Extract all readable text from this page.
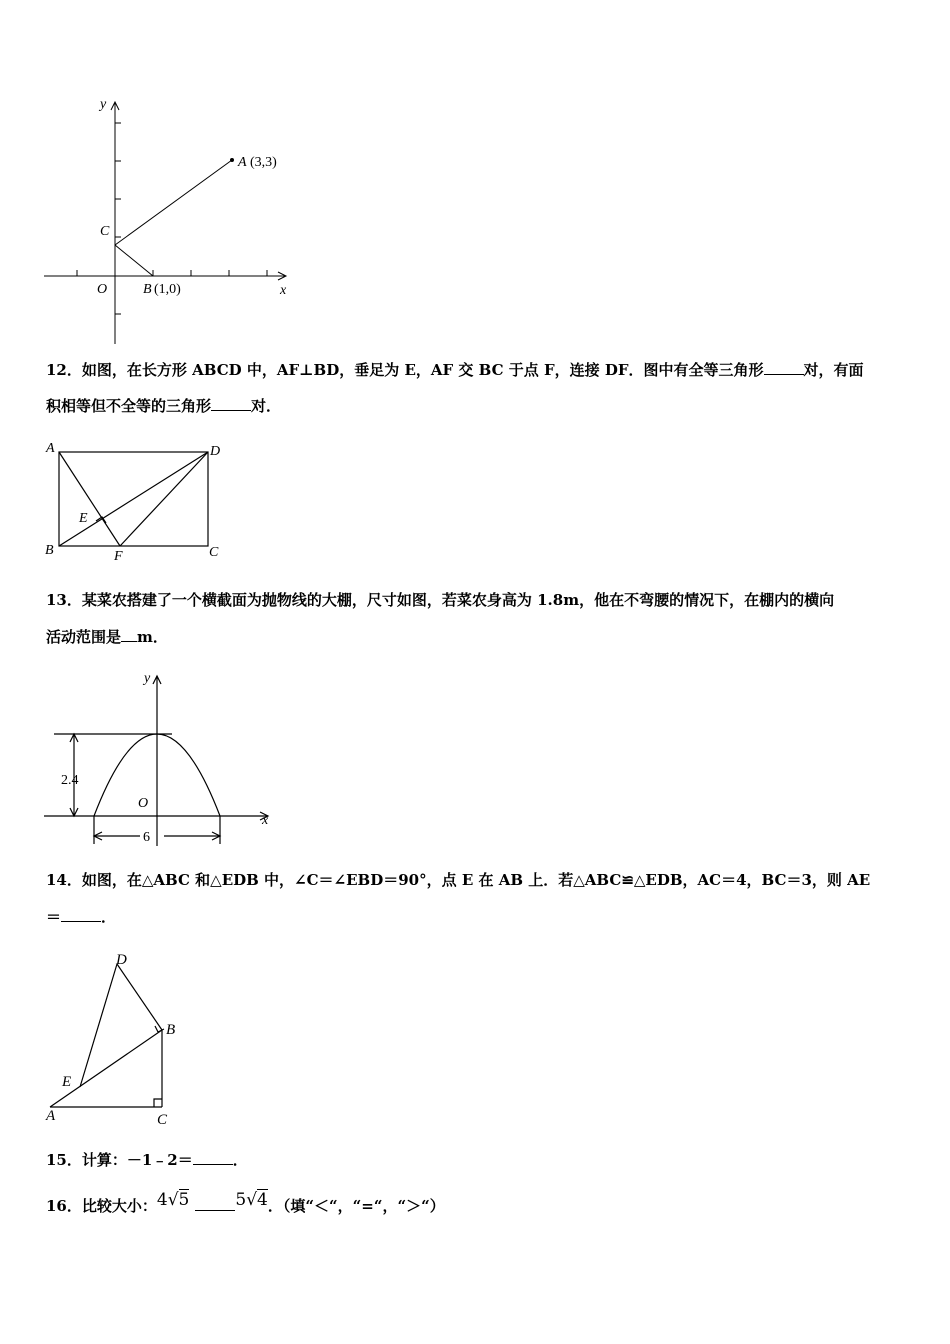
y
x
C
O	B (1,0)
A (3,3)
12．如图，在长方形 ABCD 中，AF⊥BD，垂足为 E，AF 交 BC 于点 F，连接 DF．图中有全等三角形	对，有面
积相等但不全等的三角形	对．
A	D
E
B	F	C
13．某菜农搭建了一个横截面为抛物线的大棚，尺寸如图，若菜农身高为 1.8m，他在不弯腰的情况下，在棚内的横向
活动范围是 m．
y
x
O
2.4
6
14．如图，在△ABC 和△EDB 中，∠C＝∠EBD＝90°，点 E 在 AB 上．若△ABC≌△EDB，AC＝4，BC＝3，则 AE
＝	．
D
B
E
A	C
15．计算：－1﹣2＝	．
16．比较大小：4√5	5√4．（填“＜“，“=“，“＞“）
